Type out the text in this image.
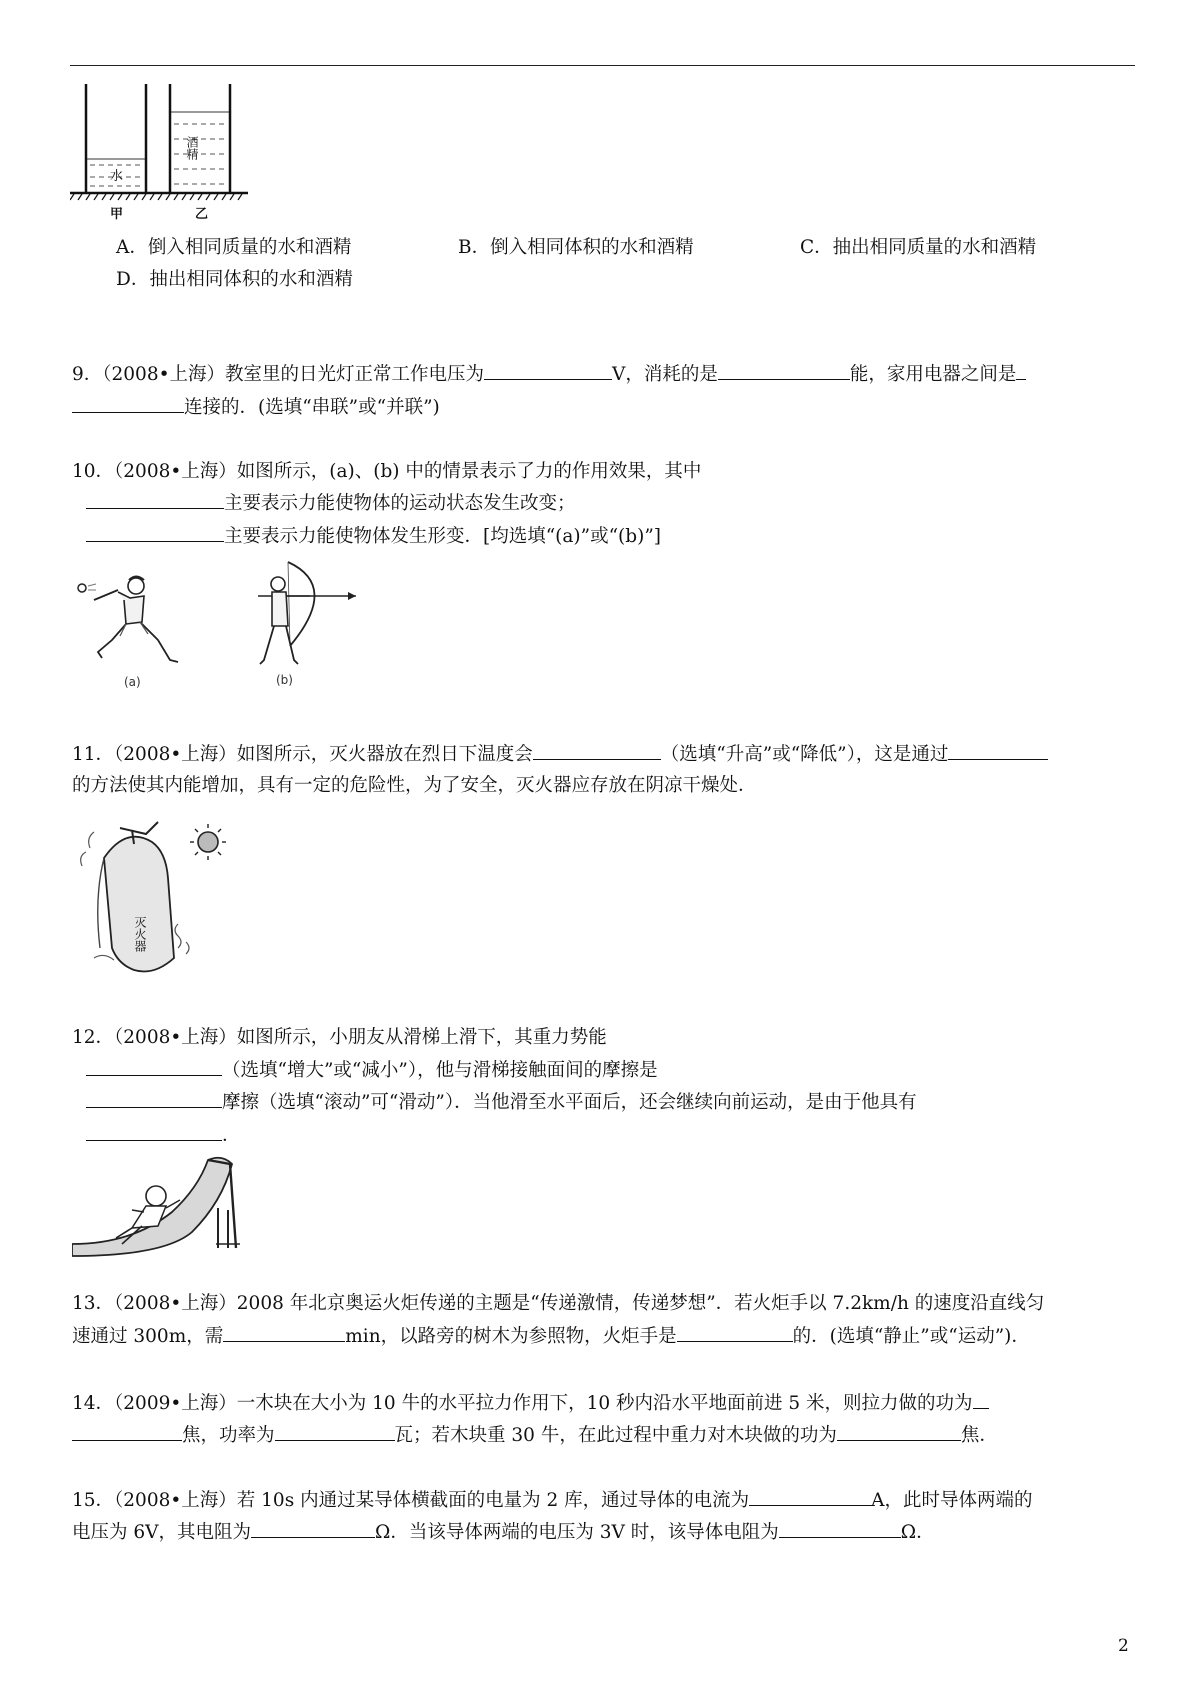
水
酒精
甲	乙
A．倒入相同质量的水和酒精	B．倒入相同体积的水和酒精	C．抽出相同质量的水和酒精
D．抽出相同体积的水和酒精
9．（2008•上海）教室里的日光灯正常工作电压为	V，消耗的是	能，家用电器之间是
连接的．(选填“串联”或“并联”)
10．（2008•上海）如图所示，(a)、(b) 中的情景表示了力的作用效果，其中
主要表示力能使物体的运动状态发生改变；
主要表示力能使物体发生形变．[均选填“(a)”或“(b)”]
(a)	(b)
11．（2008•上海）如图所示，灭火器放在烈日下温度会	（选填“升高”或“降低”），这是通过
的方法使其内能增加，具有一定的危险性，为了安全，灭火器应存放在阴凉干燥处．
灭火器
12．（2008•上海）如图所示，小朋友从滑梯上滑下，其重力势能
（选填“增大”或“减小”），他与滑梯接触面间的摩擦是
摩擦（选填“滚动”可“滑动”）．当他滑至水平面后，还会继续向前运动，是由于他具有
．
13．（2008•上海）2008 年北京奥运火炬传递的主题是“传递激情，传递梦想”．若火炬手以 7.2km/h 的速度沿直线匀
速通过 300m，需	min，以路旁的树木为参照物，火炬手是	的．(选填“静止”或“运动”)．
14．（2009•上海）一木块在大小为 10 牛的水平拉力作用下，10 秒内沿水平地面前进 5 米，则拉力做的功为
焦，功率为	瓦；若木块重 30 牛，在此过程中重力对木块做的功为	焦．
15．（2008•上海）若 10s 内通过某导体横截面的电量为 2 库，通过导体的电流为	A，此时导体两端的
电压为 6V，其电阻为	Ω．当该导体两端的电压为 3V 时，该导体电阻为	Ω．
2
